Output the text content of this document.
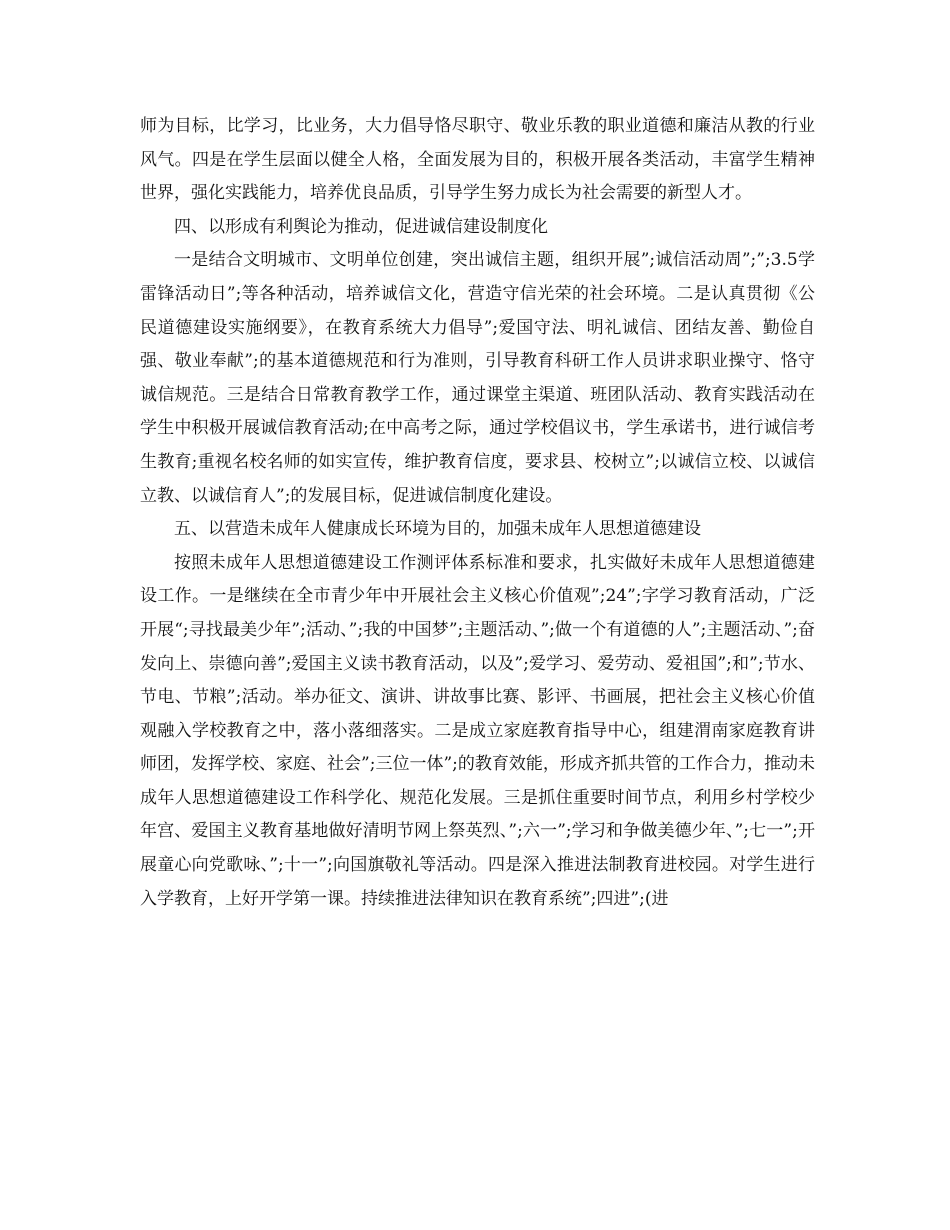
师为目标，比学习，比业务，大力倡导恪尽职守、敬业乐教的职业道德和廉洁从教的行业风气。四是在学生层面以健全人格，全面发展为目的，积极开展各类活动，丰富学生精神世界，强化实践能力，培养优良品质，引导学生努力成长为社会需要的新型人才。

四、以形成有利舆论为推动，促进诚信建设制度化

一是结合文明城市、文明单位创建，突出诚信主题，组织开展”;诚信活动周”;”;3.5学雷锋活动日”;等各种活动，培养诚信文化，营造守信光荣的社会环境。二是认真贯彻《公民道德建设实施纲要》，在教育系统大力倡导”;爱国守法、明礼诚信、团结友善、勤俭自强、敬业奉献”;的基本道德规范和行为准则，引导教育科研工作人员讲求职业操守、恪守诚信规范。三是结合日常教育教学工作，通过课堂主渠道、班团队活动、教育实践活动在学生中积极开展诚信教育活动;在中高考之际，通过学校倡议书，学生承诺书，进行诚信考生教育;重视名校名师的如实宣传，维护教育信度，要求县、校树立”;以诚信立校、以诚信立教、以诚信育人”;的发展目标，促进诚信制度化建设。

五、以营造未成年人健康成长环境为目的，加强未成年人思想道德建设

按照未成年人思想道德建设工作测评体系标准和要求，扎实做好未成年人思想道德建设工作。一是继续在全市青少年中开展社会主义核心价值观”;24”;字学习教育活动，广泛开展“;寻找最美少年”;活动、”;我的中国梦”;主题活动、”;做一个有道德的人”;主题活动、”;奋发向上、崇德向善”;爱国主义读书教育活动，以及”;爱学习、爱劳动、爱祖国”;和”;节水、节电、节粮”;活动。举办征文、演讲、讲故事比赛、影评、书画展，把社会主义核心价值观融入学校教育之中，落小落细落实。二是成立家庭教育指导中心，组建渭南家庭教育讲师团，发挥学校、家庭、社会”;三位一体”;的教育效能，形成齐抓共管的工作合力，推动未成年人思想道德建设工作科学化、规范化发展。三是抓住重要时间节点，利用乡村学校少年宫、爱国主义教育基地做好清明节网上祭英烈、”;六一”;学习和争做美德少年、”;七一”;开展童心向党歌咏、”;十一”;向国旗敬礼等活动。四是深入推进法制教育进校园。对学生进行入学教育，上好开学第一课。持续推进法律知识在教育系统”;四进”;(进
